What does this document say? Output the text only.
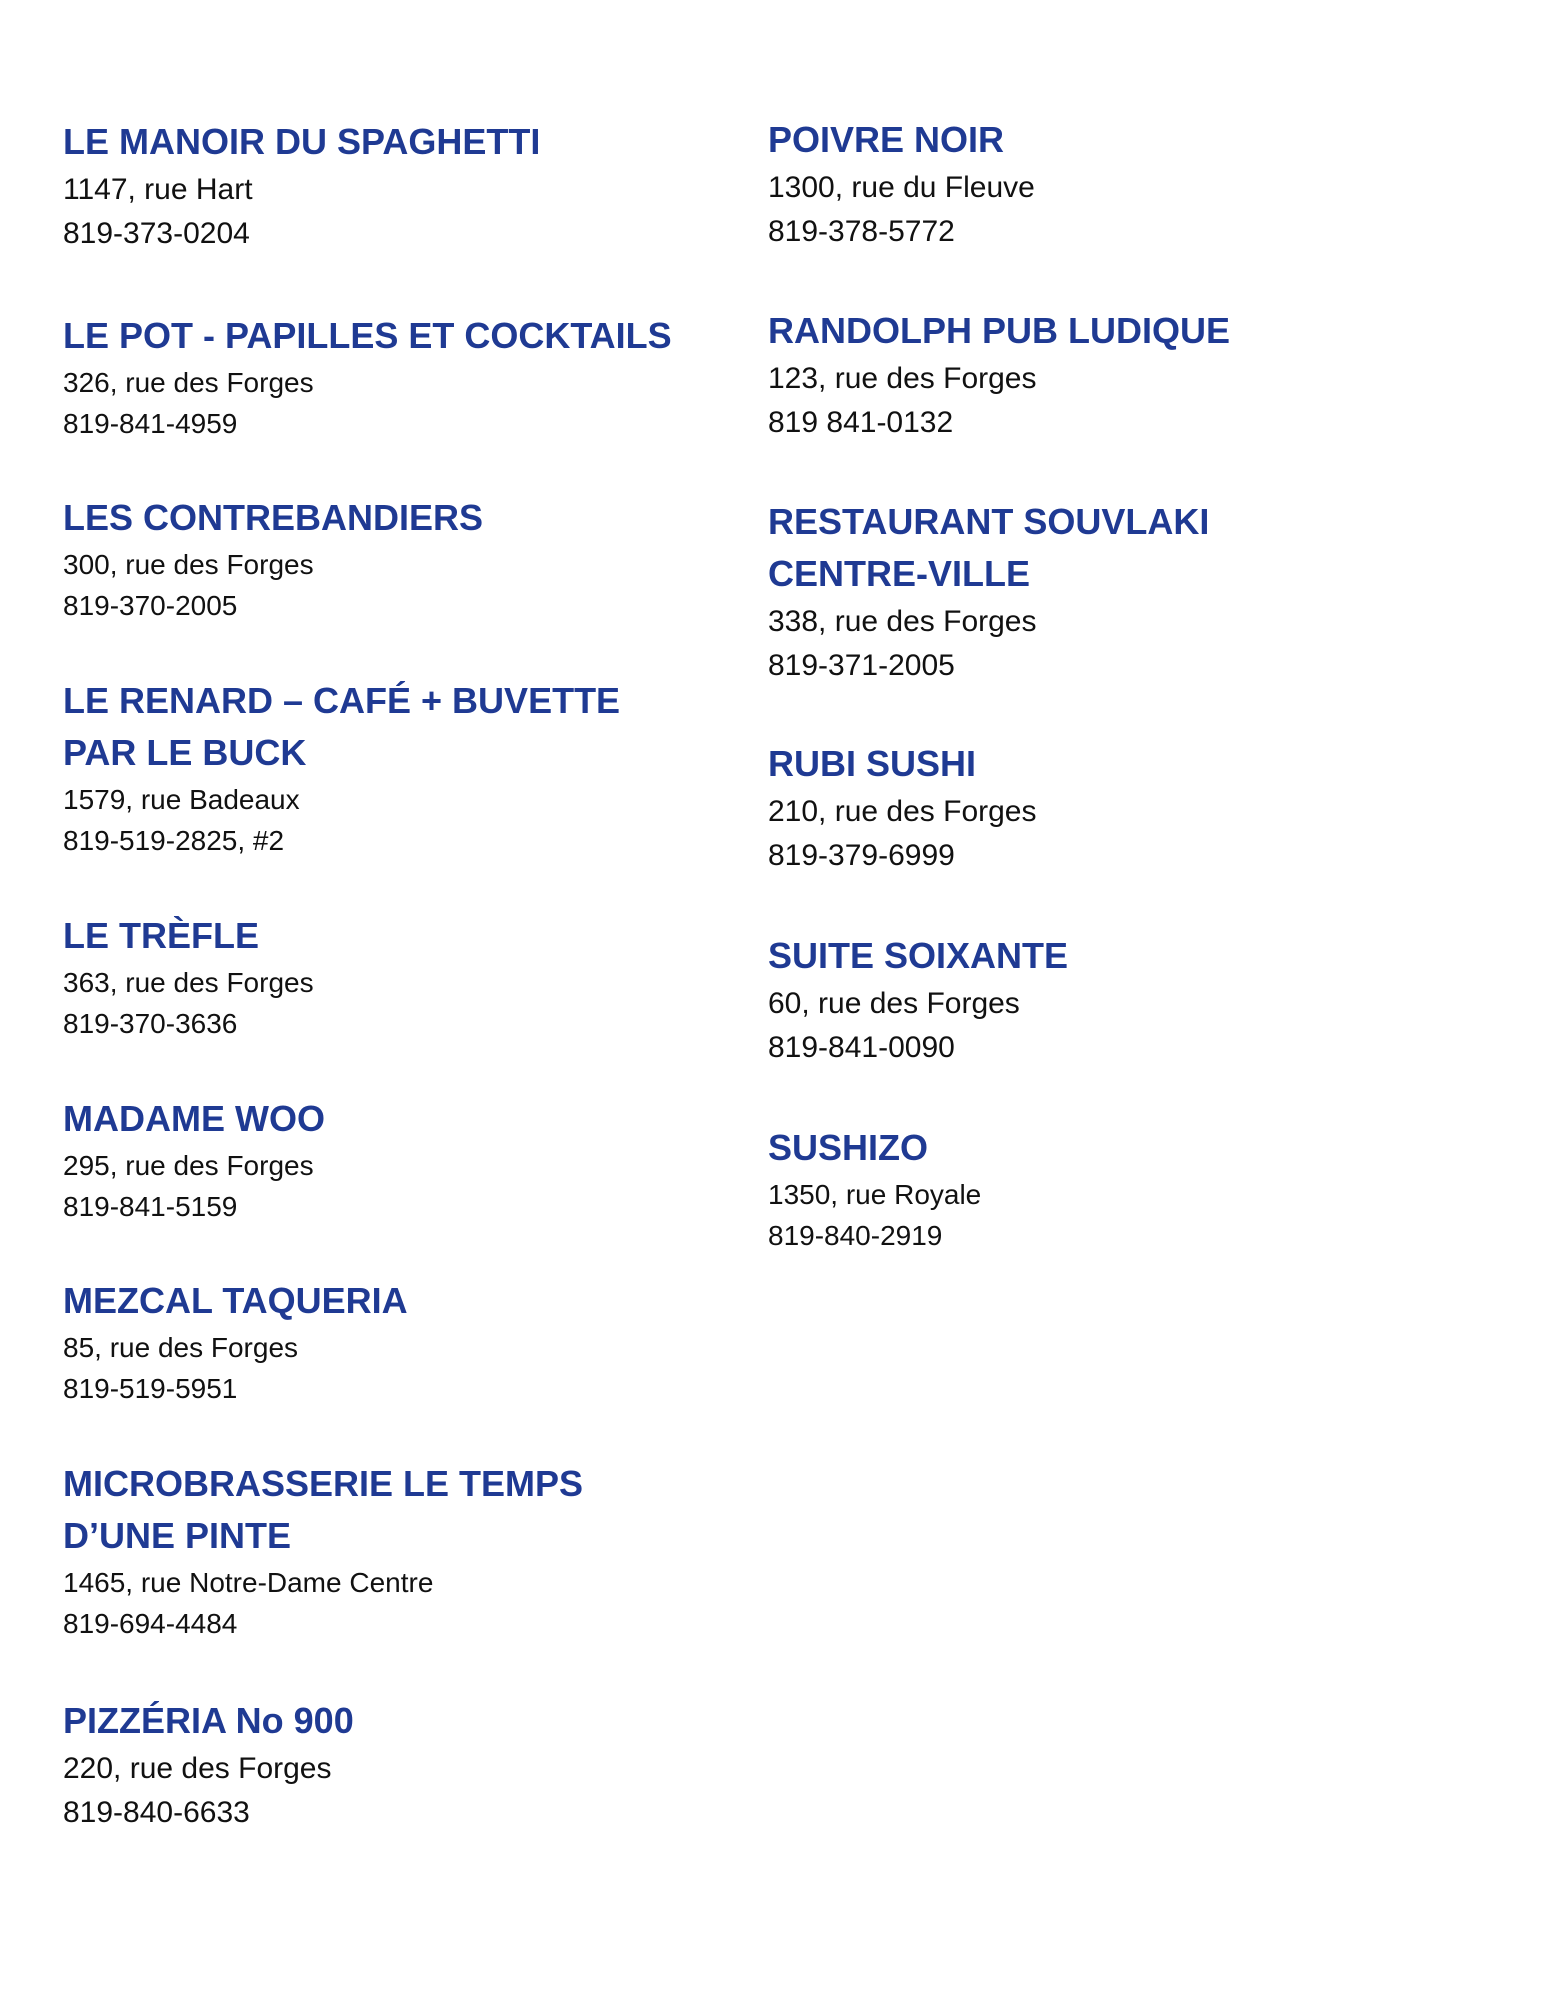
LE MANOIR DU SPAGHETTI

1147, rue Hart

819-373-0204

LE POT - PAPILLES ET COCKTAILS

326, rue des Forges

819-841-4959

LES CONTREBANDIERS

300, rue des Forges

819-370-2005

LE RENARD – CAFÉ + BUVETTE

PAR LE BUCK

1579, rue Badeaux

819-519-2825, #2

LE TRÈFLE

363, rue des Forges

819-370-3636

MADAME WOO

295, rue des Forges

819-841-5159

MEZCAL TAQUERIA

85, rue des Forges

819-519-5951

MICROBRASSERIE LE TEMPS

D’UNE PINTE

1465, rue Notre-Dame Centre

819-694-4484

PIZZÉRIA No 900

220, rue des Forges

819-840-6633

POIVRE NOIR

1300, rue du Fleuve

819-378-5772

RANDOLPH PUB LUDIQUE

123, rue des Forges

819 841-0132

RESTAURANT SOUVLAKI

CENTRE-VILLE

338, rue des Forges

819-371-2005

RUBI SUSHI

210, rue des Forges

819-379-6999

SUITE SOIXANTE

60, rue des Forges

819-841-0090

SUSHIZO

1350, rue Royale

819-840-2919
